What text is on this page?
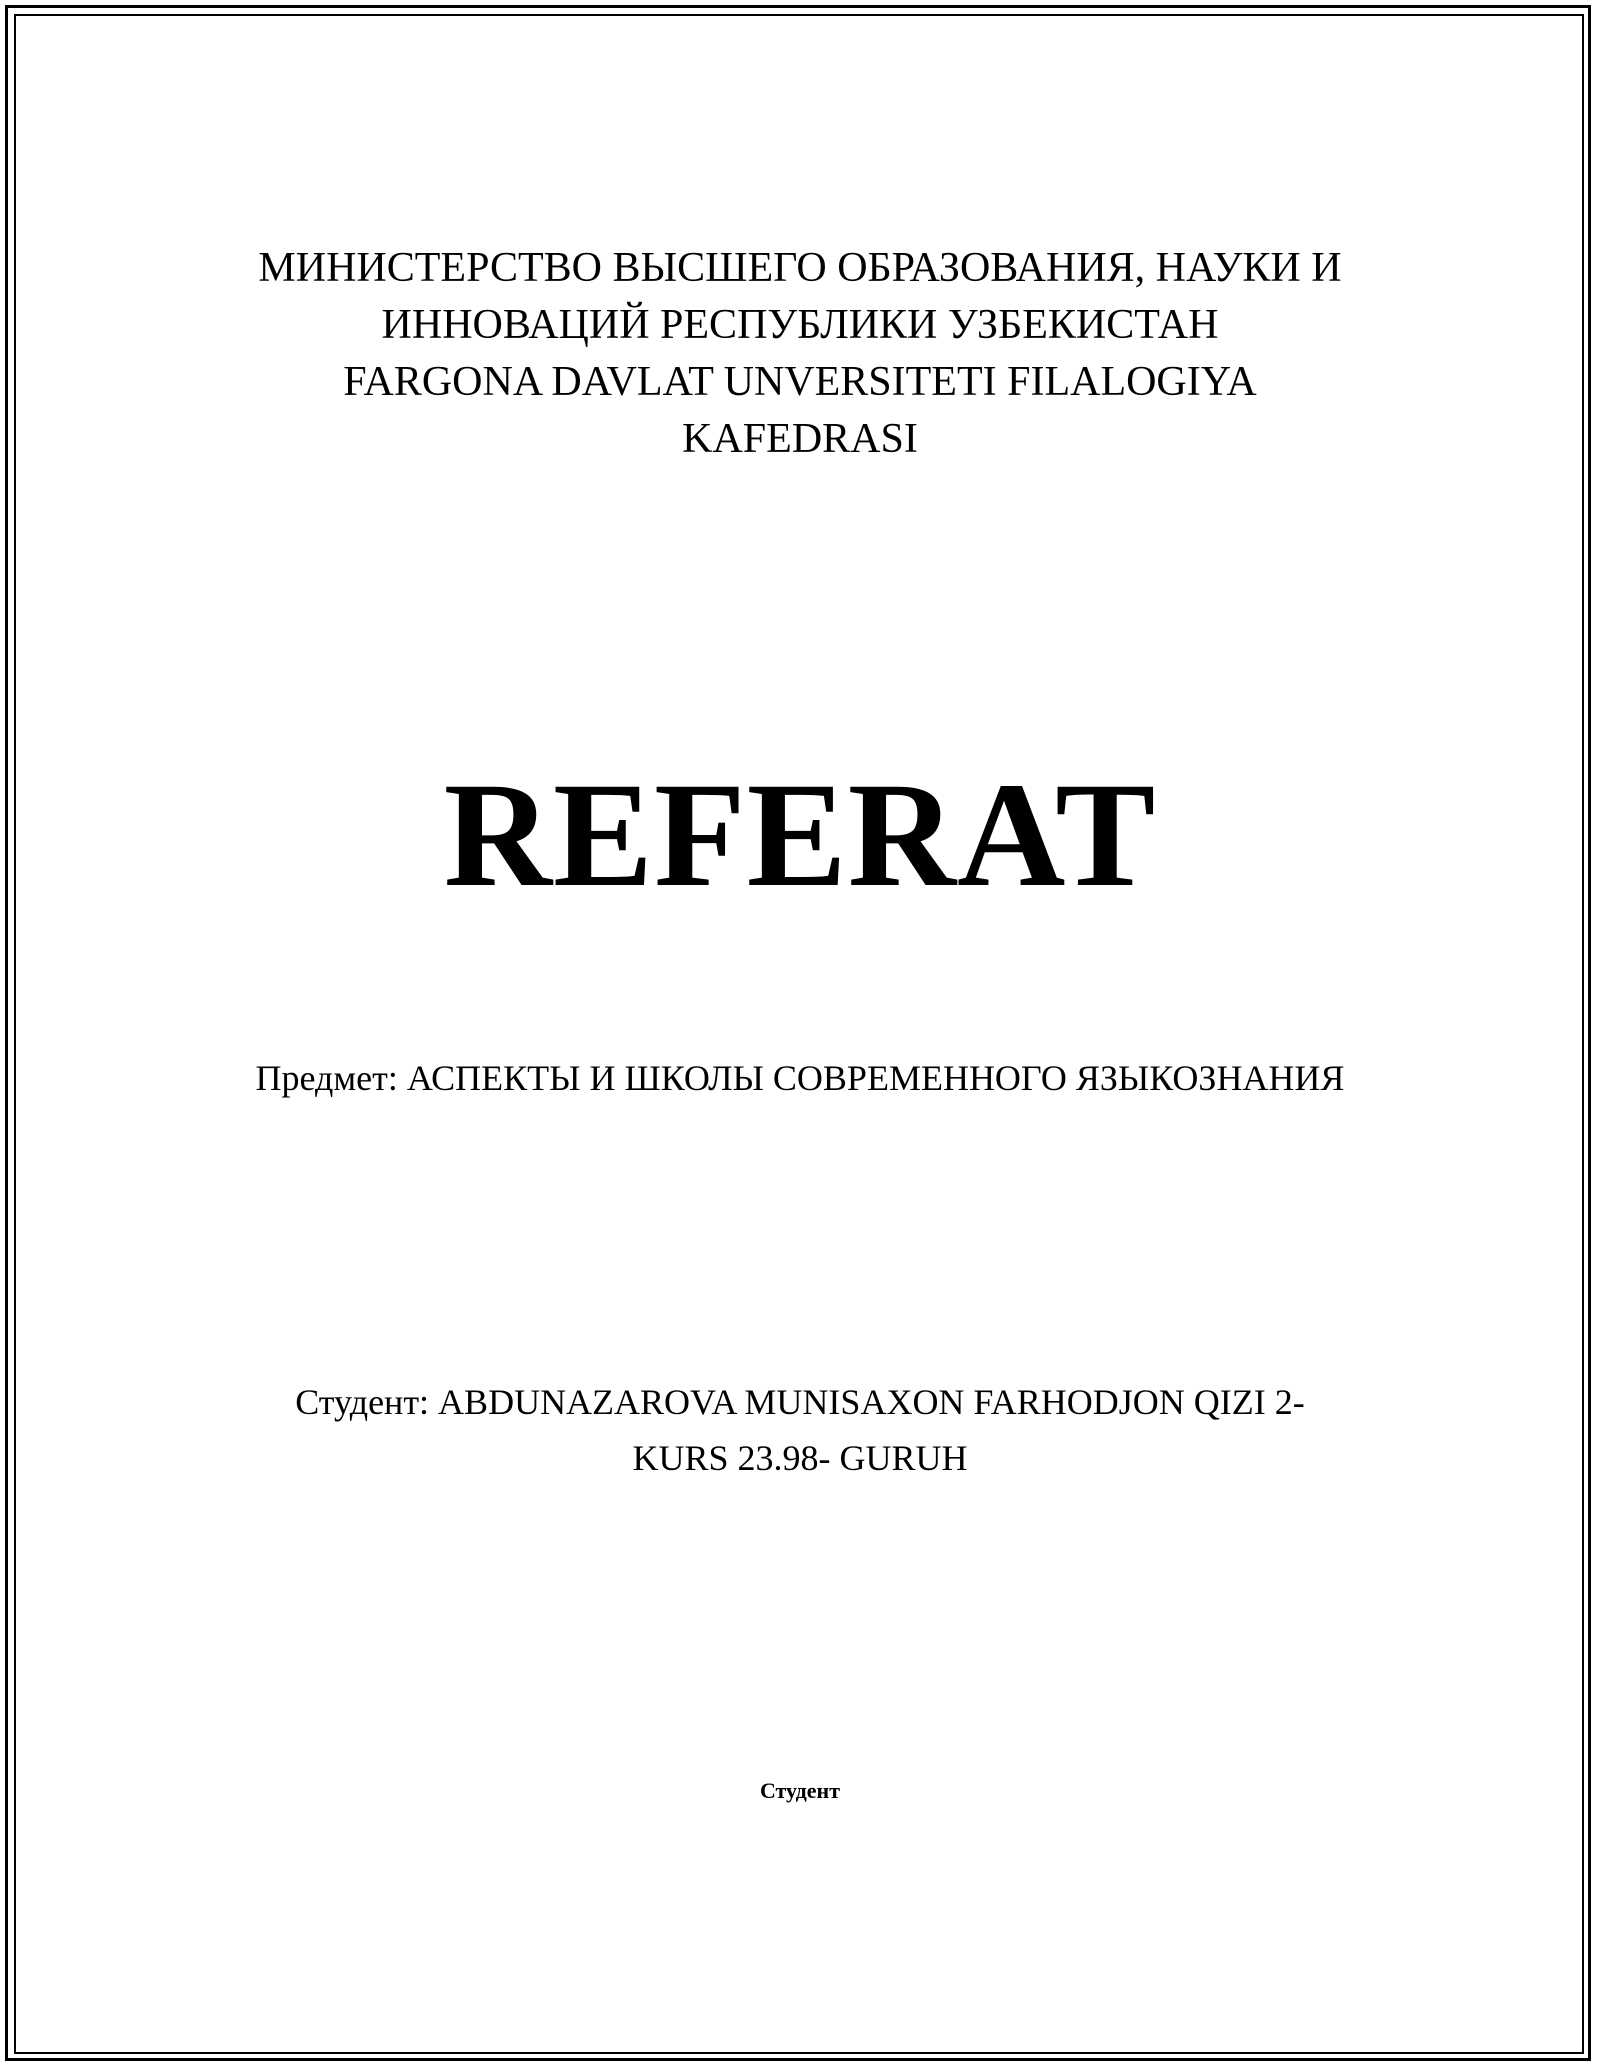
МИНИСТЕРСТВО ВЫСШЕГО ОБРАЗОВАНИЯ, НАУКИ И
ИННОВАЦИЙ РЕСПУБЛИКИ УЗБЕКИСТАН
FARGONA DAVLAT UNVERSITETI FILALOGIYA
KAFEDRASI
REFERAT
Предмет: АСПЕКТЫ И ШКОЛЫ СОВРЕМЕННОГО ЯЗЫКОЗНАНИЯ
Студент: ABDUNAZAROVA MUNISAXON FARHODJON QIZI 2-
KURS 23.98- GURUH
Студент
